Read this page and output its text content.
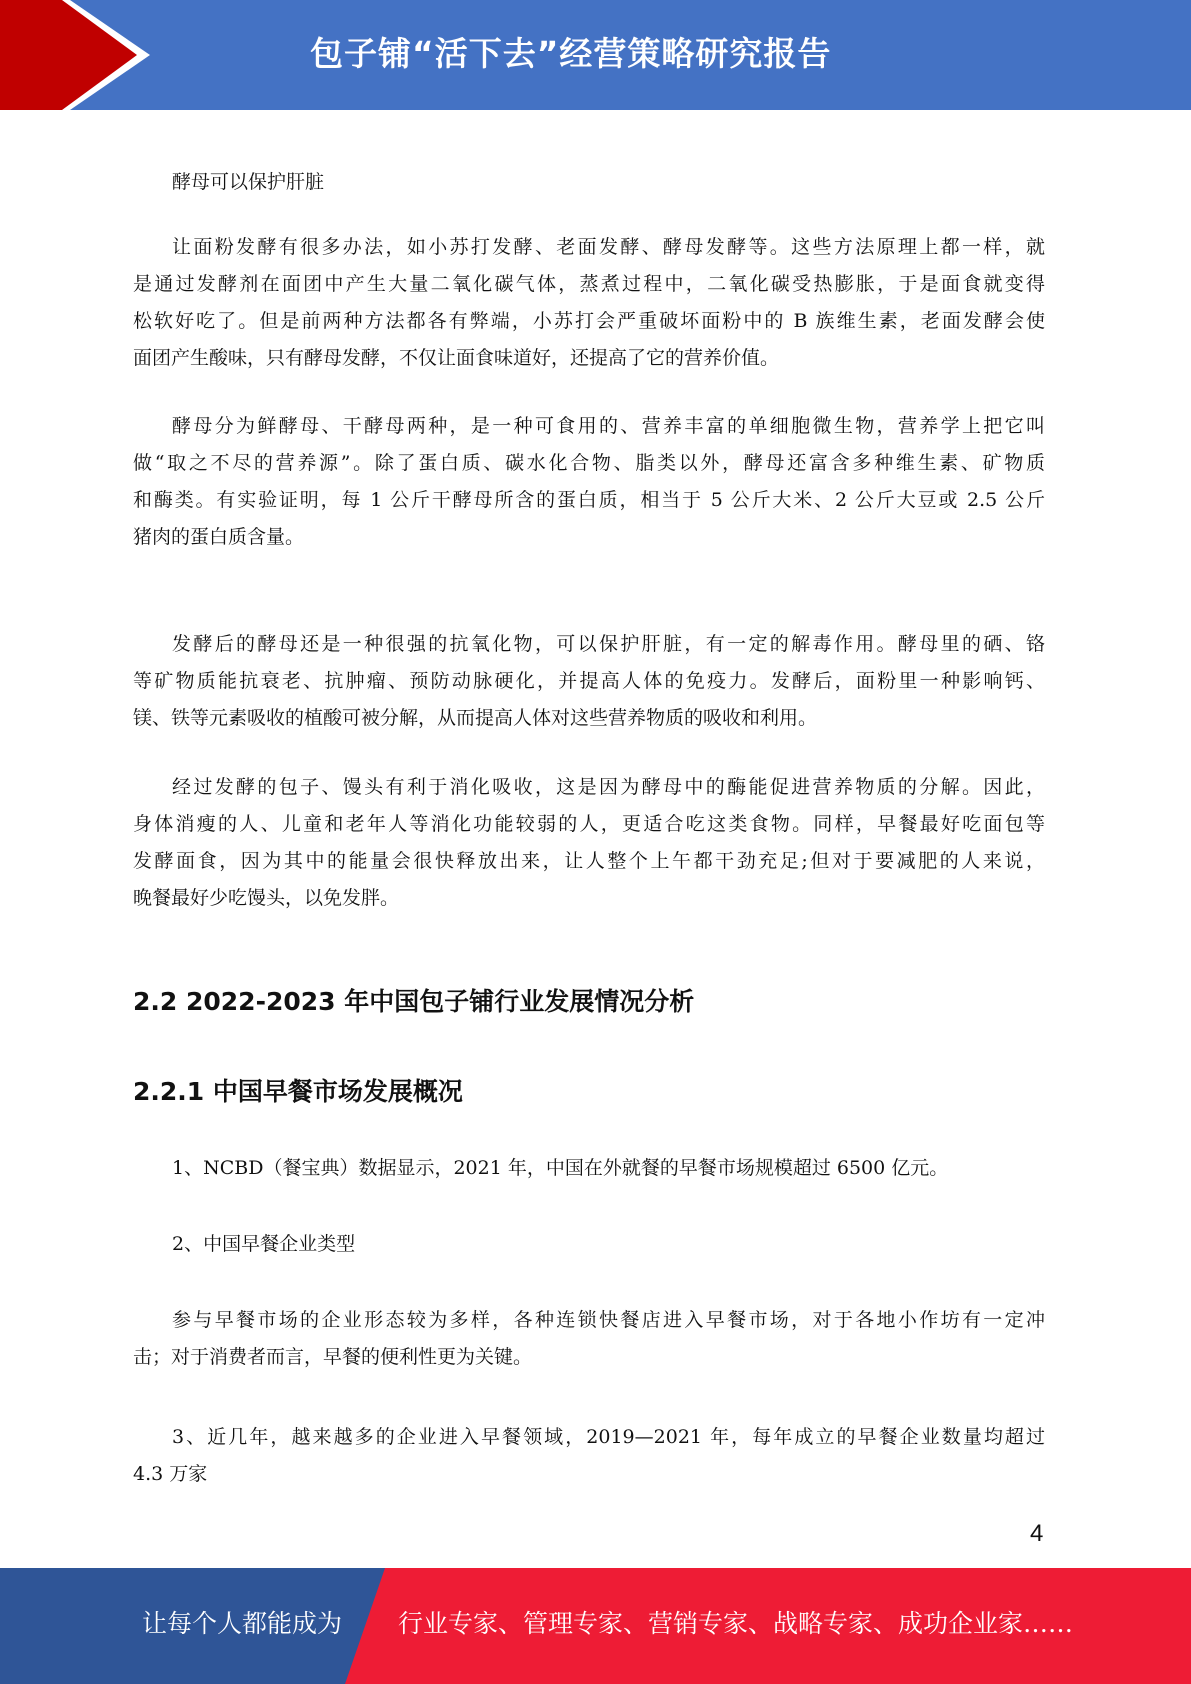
包子铺“活下去”经营策略研究报告
酵母可以保护肝脏
让面粉发酵有很多办法，如小苏打发酵、老面发酵、酵母发酵等。这些方法原理上都一样，就
是通过发酵剂在面团中产生大量二氧化碳气体，蒸煮过程中，二氧化碳受热膨胀，于是面食就变得
松软好吃了。但是前两种方法都各有弊端，小苏打会严重破坏面粉中的 B 族维生素，老面发酵会使
面团产生酸味，只有酵母发酵，不仅让面食味道好，还提高了它的营养价值。
酵母分为鲜酵母、干酵母两种，是一种可食用的、营养丰富的单细胞微生物，营养学上把它叫
做“取之不尽的营养源”。除了蛋白质、碳水化合物、脂类以外，酵母还富含多种维生素、矿物质
和酶类。有实验证明，每 1 公斤干酵母所含的蛋白质，相当于 5 公斤大米、2 公斤大豆或 2.5 公斤
猪肉的蛋白质含量。
发酵后的酵母还是一种很强的抗氧化物，可以保护肝脏，有一定的解毒作用。酵母里的硒、铬
等矿物质能抗衰老、抗肿瘤、预防动脉硬化，并提高人体的免疫力。发酵后，面粉里一种影响钙、
镁、铁等元素吸收的植酸可被分解，从而提高人体对这些营养物质的吸收和利用。
经过发酵的包子、馒头有利于消化吸收，这是因为酵母中的酶能促进营养物质的分解。因此，
身体消瘦的人、儿童和老年人等消化功能较弱的人，更适合吃这类食物。同样，早餐最好吃面包等
发酵面食，因为其中的能量会很快释放出来，让人整个上午都干劲充足;但对于要减肥的人来说，
晚餐最好少吃馒头，以免发胖。
1、NCBD（餐宝典）数据显示，2021 年，中国在外就餐的早餐市场规模超过 6500 亿元。
2、中国早餐企业类型
参与早餐市场的企业形态较为多样，各种连锁快餐店进入早餐市场，对于各地小作坊有一定冲
击；对于消费者而言，早餐的便利性更为关键。
3、近几年，越来越多的企业进入早餐领域，2019—2021 年，每年成立的早餐企业数量均超过
4.3 万家
2.2 2022-2023 年中国包子铺行业发展情况分析
2.2.1 中国早餐市场发展概况
4
让每个人都能成为 行业专家、管理专家、营销专家、战略专家、成功企业家……
